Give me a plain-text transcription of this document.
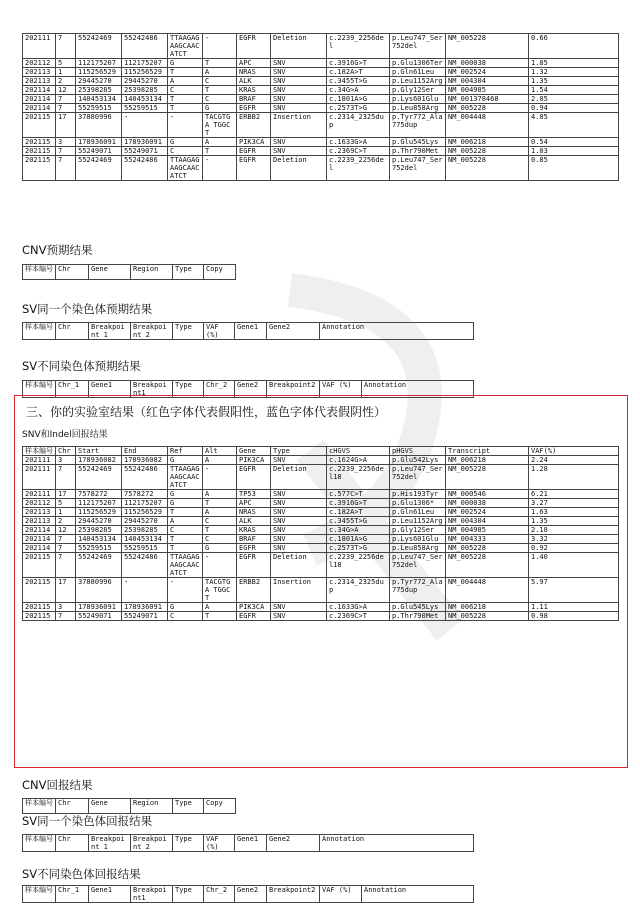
202111	7	55242469	55242486	TTAAGAG AAGCAAC ATCT	-	EGFR	Deletion	c.2239_2256del	p.Leu747_Ser 752del	NM_005228	0.66
202112	5	112175207	112175207	G	T	APC	SNV	c.3916G>T	p.Glu1306Ter	NM_000038	1.85
202113	1	115256529	115256529	T	A	NRAS	SNV	c.182A>T	p.Gln61Leu	NM_002524	1.32
202113	2	29445270	29445270	A	C	ALK	SNV	c.3455T>G	p.Leu1152Arg	NM_004304	1.35
202114	12	25398285	25398285	C	T	KRAS	SNV	c.34G>A	p.Gly12Ser	NM_004985	1.54
202114	7	140453134	140453134	T	C	BRAF	SNV	c.1801A>G	p.Lys601Glu	NM_001378468	2.05
202114	7	55259515	55259515	T	G	EGFR	SNV	c.2573T>G	p.Leu858Arg	NM_005228	0.94
202115	17	37880996	-	-	TACGTGA TGGCT	ERBB2	Insertion	c.2314_2325dup	p.Tyr772_Ala 775dup	NM_004448	4.05
202115	3	178936091	178936091	G	A	PIK3CA	SNV	c.1633G>A	p.Glu545Lys	NM_006218	0.54
202115	7	55249071	55249071	C	T	EGFR	SNV	c.2369C>T	p.Thr790Met	NM_005228	1.03
202115	7	55242469	55242486	TTAAGAG AAGCAAC ATCT	-	EGFR	Deletion	c.2239_2256del	p.Leu747_Ser 752del	NM_005228	0.85
CNV预期结果
样本编号	Chr	Gene	Region	Type	Copy
SV同一个染色体预期结果
样本编号	Chr	Breakpoint 1	Breakpoint 2	Type	VAF (%)	Gene1	Gene2	Annotation
SV不同染色体预期结果
样本编号	Chr_1	Gene1	Breakpoint1	Type	Chr_2	Gene2	Breakpoint2	VAF (%)	Annotation
三、你的实验室结果（红色字体代表假阳性，蓝色字体代表假阴性）
SNV和Indel回报结果
样本编号	Chr	Start	End	Ref	Alt	Gene	Type	cHGVS	pHGVS	Transcript	VAF(%)
202111	3	178936082	178936082	G	A	PIK3CA	SNV	c.1624G>A	p.Glu542Lys	NM_006218	2.24
202111	7	55242469	55242486	TTAAGAG AAGCAAC ATCT	-	EGFR	Deletion	c.2239_2256del18	p.Leu747_Ser 752del	NM_005228	1.28
202111	17	7578272	7578272	G	A	TP53	SNV	c.577C>T	p.His193Tyr	NM_000546	6.21
202112	5	112175207	112175207	G	T	APC	SNV	c.3916G>T	p.Glu1306*	NM_000038	3.27
202113	1	115256529	115256529	T	A	NRAS	SNV	c.182A>T	p.Gln61Leu	NM_002524	1.63
202113	2	29445270	29445270	A	C	ALK	SNV	c.3455T>G	p.Leu1152Arg	NM_004304	1.35
202114	12	25398285	25398285	C	T	KRAS	SNV	c.34G>A	p.Gly12Ser	NM_004985	2.18
202114	7	140453134	140453134	T	C	BRAF	SNV	c.1801A>G	p.Lys601Glu	NM_004333	3.32
202114	7	55259515	55259515	T	G	EGFR	SNV	c.2573T>G	p.Leu858Arg	NM_005228	0.92
202115	7	55242469	55242486	TTAAGAG AAGCAAC ATCT	-	EGFR	Deletion	c.2239_2256del18	p.Leu747_Ser 752del	NM_005228	1.40
202115	17	37880996	-	-	TACGTGA TGGCT	ERBB2	Insertion	c.2314_2325dup	p.Tyr772_Ala 775dup	NM_004448	5.97
202115	3	178936091	178936091	G	A	PIK3CA	SNV	c.1633G>A	p.Glu545Lys	NM_006218	1.11
202115	7	55249071	55249071	C	T	EGFR	SNV	c.2369C>T	p.Thr790Met	NM_005228	0.98
CNV回报结果
样本编号	Chr	Gene	Region	Type	Copy
SV同一个染色体回报结果
样本编号	Chr	Breakpoint 1	Breakpoint 2	Type	VAF (%)	Gene1	Gene2	Annotation
SV不同染色体回报结果
样本编号	Chr_1	Gene1	Breakpoint1	Type	Chr_2	Gene2	Breakpoint2	VAF (%)	Annotation
